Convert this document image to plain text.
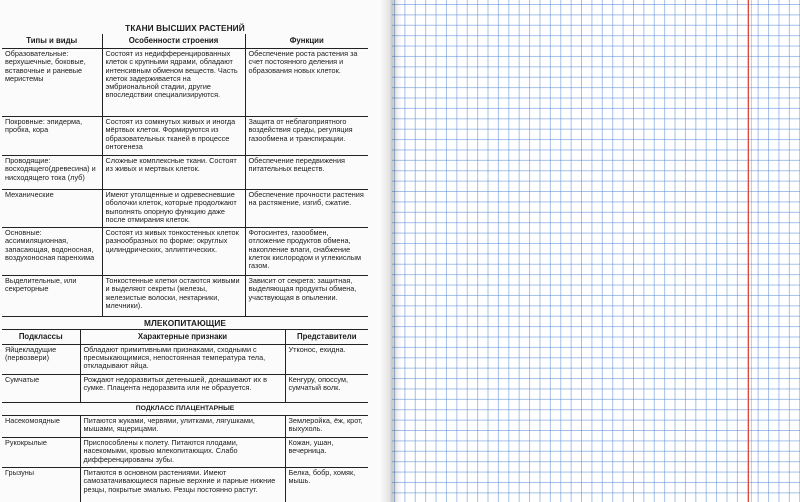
ТКАНИ ВЫСШИХ РАСТЕНИЙ
Типы и виды	Особенности строения	Функции
Образовательные: верхушечные, боковые, вставочные и раневые меристемы	Состоят из недифференцированных клеток с крупными ядрами, обладают интенсивным обменом веществ. Часть клеток задерживается на эмбриональной стадии, другие впоследствии специализируются.	Обеспечение роста растения за счет постоянного деления и образования новых клеток.
Покровные: эпидерма, пробка, кора	Состоят из сомкнутых живых и иногда мёртвых клеток. Формируются из образовательных тканей в процессе онтогенеза	Защита от неблагоприятного воздействия среды, регуляция газообмена и транспирации.
Проводящие: восходящего(древесина) и нисходящего тока (луб)	Сложные комплексные ткани. Состоят из живых и мертвых клеток.	Обеспечение передвижения питательных веществ.
Механические	Имеют утолщенные и одревесневшие оболочки клеток, которые продолжают выполнять опорную функцию даже после отмирания клеток.	Обеспечение прочности растения на растяжение, изгиб, сжатие.
Основные: ассимиляционная, запасающая, водоносная, воздухоносная паренхима	Состоят из живых тонкостенных клеток разнообразных по форме: округлых цилиндрических, эллиптических.	Фотосинтез, газообмен, отложение продуктов обмена, накопление влаги, снабжение клеток кислородом и углекислым газом.
Выделительные, или секреторные	Тонкостенные клетки остаются живыми и выделяют секреты (железы, железистые волоски, нектарники, млечники).	Зависит от секрета: защитная, выделяющая продукты обмена, участвующая в опылении.
МЛЕКОПИТАЮЩИЕ
Подклассы	Характерные признаки	Представители
Яйцекладущие (первозвери)	Обладают примитивными признаками, сходными с пресмыкающимися, непостоянная температура тела, откладывают яйца.	Утконос, ехидна.
Сумчатые	Рождают недоразвитых детенышей, донашивают их в сумке. Плацента недоразвита или не образуется.	Кенгуру, опоссум, сумчатый волк.
ПОДКЛАСС ПЛАЦЕНТАРНЫЕ		
Насекомоядные	Питаются жуками, червями, улитками, лягушками, мышами, ящерицами.	Землеройка, ёж, крот, выхухоль.
Рукокрылые	Приспособлены к полету. Питаются плодами, насекомыми, кровью млекопитающих. Слабо дифференцированы зубы.	Кожан, ушан, вечерница.
Грызуны	Питаются в основном растениями. Имеют самозатачивающиеся парные верхние и парные нижние резцы, покрытые эмалью. Резцы постоянно растут.	Белка, бобр, хомяк, мышь.
